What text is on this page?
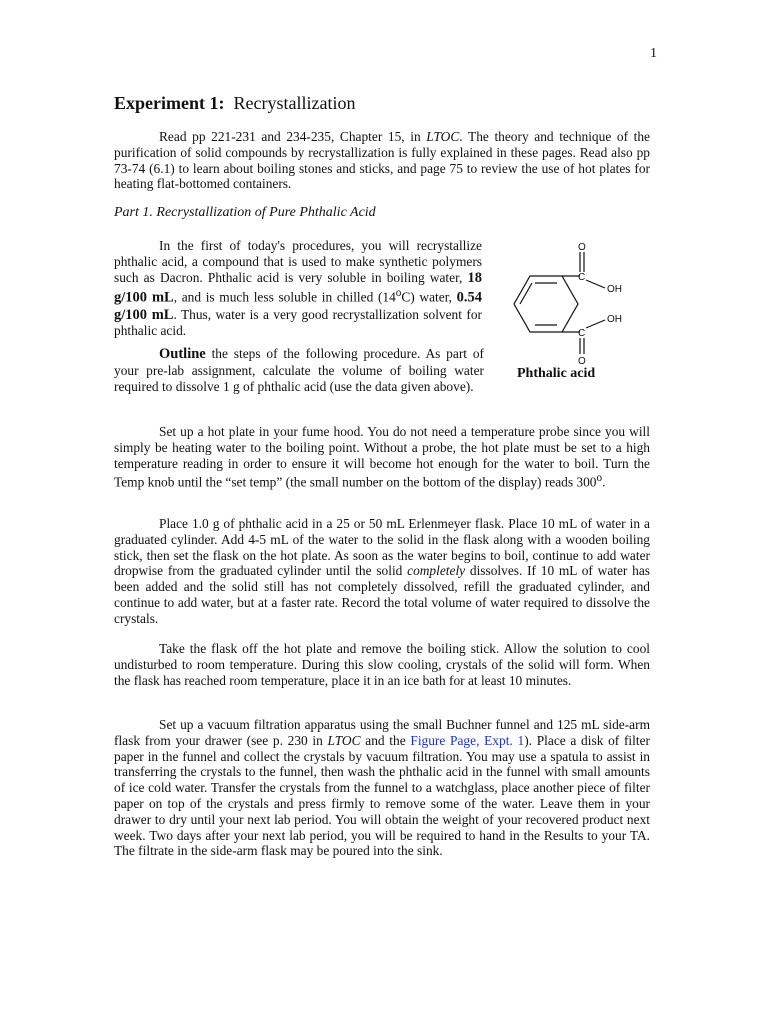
1
Experiment 1: Recrystallization
Read pp 221-231 and 234-235, Chapter 15, in LTOC. The theory and technique of the purification of solid compounds by recrystallization is fully explained in these pages. Read also pp 73-74 (6.1) to learn about boiling stones and sticks, and page 75 to review the use of hot plates for heating flat-bottomed containers.
Part 1. Recrystallization of Pure Phthalic Acid
In the first of today's procedures, you will recrystallize phthalic acid, a compound that is used to make synthetic polymers such as Dacron. Phthalic acid is very soluble in boiling water, 18 g/100 mL, and is much less soluble in chilled (14$^o$C) water, 0.54 g/100 mL. Thus, water is a very good recrystallization solvent for phthalic acid.
Outline the steps of the following procedure. As part of your pre-lab assignment, calculate the volume of boiling water required to dissolve 1 g of phthalic acid (use the data given above).
O
C
OH
OH
C
O
Phthalic acid
Set up a hot plate in your fume hood. You do not need a temperature probe since you will simply be heating water to the boiling point. Without a probe, the hot plate must be set to a high temperature reading in order to ensure it will become hot enough for the water to boil. Turn the Temp knob until the “set temp” (the small number on the bottom of the display) reads 300$^o$.
Place 1.0 g of phthalic acid in a 25 or 50 mL Erlenmeyer flask. Place 10 mL of water in a graduated cylinder. Add 4-5 mL of the water to the solid in the flask along with a wooden boiling stick, then set the flask on the hot plate. As soon as the water begins to boil, continue to add water dropwise from the graduated cylinder until the solid completely dissolves. If 10 mL of water has been added and the solid still has not completely dissolved, refill the graduated cylinder, and continue to add water, but at a faster rate. Record the total volume of water required to dissolve the crystals.
Take the flask off the hot plate and remove the boiling stick. Allow the solution to cool undisturbed to room temperature. During this slow cooling, crystals of the solid will form. When the flask has reached room temperature, place it in an ice bath for at least 10 minutes.
Set up a vacuum filtration apparatus using the small Buchner funnel and 125 mL side-arm flask from your drawer (see p. 230 in LTOC and the Figure Page, Expt. 1). Place a disk of filter paper in the funnel and collect the crystals by vacuum filtration. You may use a spatula to assist in transferring the crystals to the funnel, then wash the phthalic acid in the funnel with small amounts of ice cold water. Transfer the crystals from the funnel to a watchglass, place another piece of filter paper on top of the crystals and press firmly to remove some of the water. Leave them in your drawer to dry until your next lab period. You will obtain the weight of your recovered product next week. Two days after your next lab period, you will be required to hand in the Results to your TA. The filtrate in the side-arm flask may be poured into the sink.
